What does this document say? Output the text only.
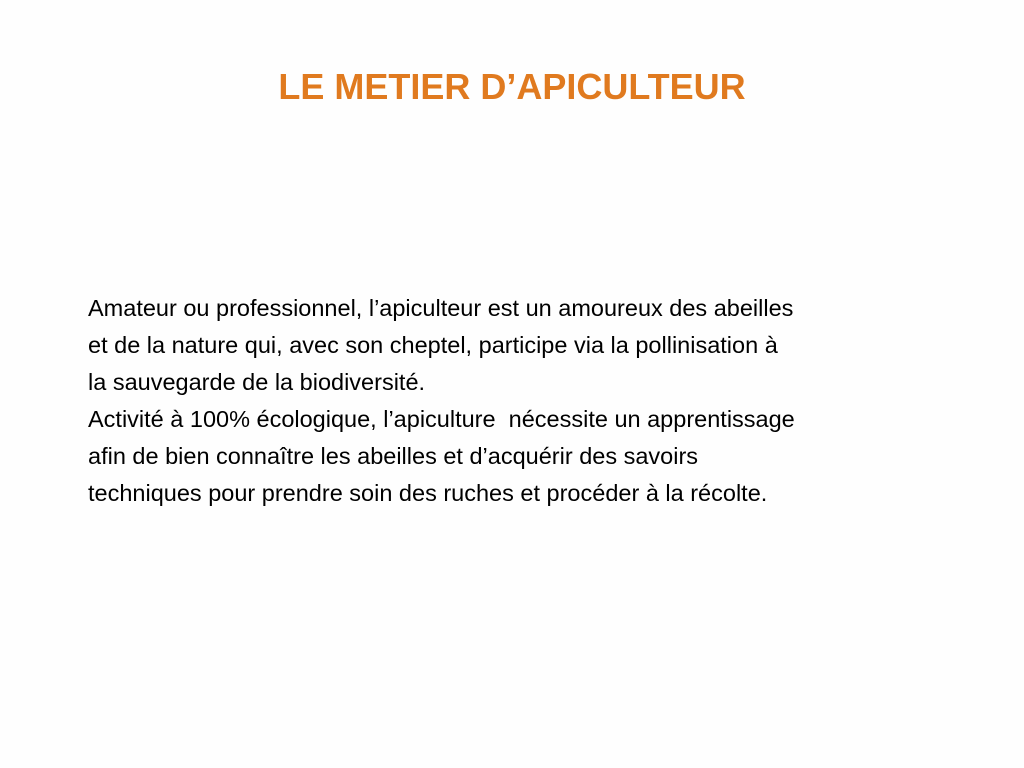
LE METIER D’APICULTEUR
Amateur ou professionnel, l’apiculteur est un amoureux des abeilles
et de la nature qui, avec son cheptel, participe via la pollinisation à
la sauvegarde de la biodiversité.
Activité à 100% écologique, l’apiculture  nécessite un apprentissage
afin de bien connaître les abeilles et d’acquérir des savoirs
techniques pour prendre soin des ruches et procéder à la récolte.
